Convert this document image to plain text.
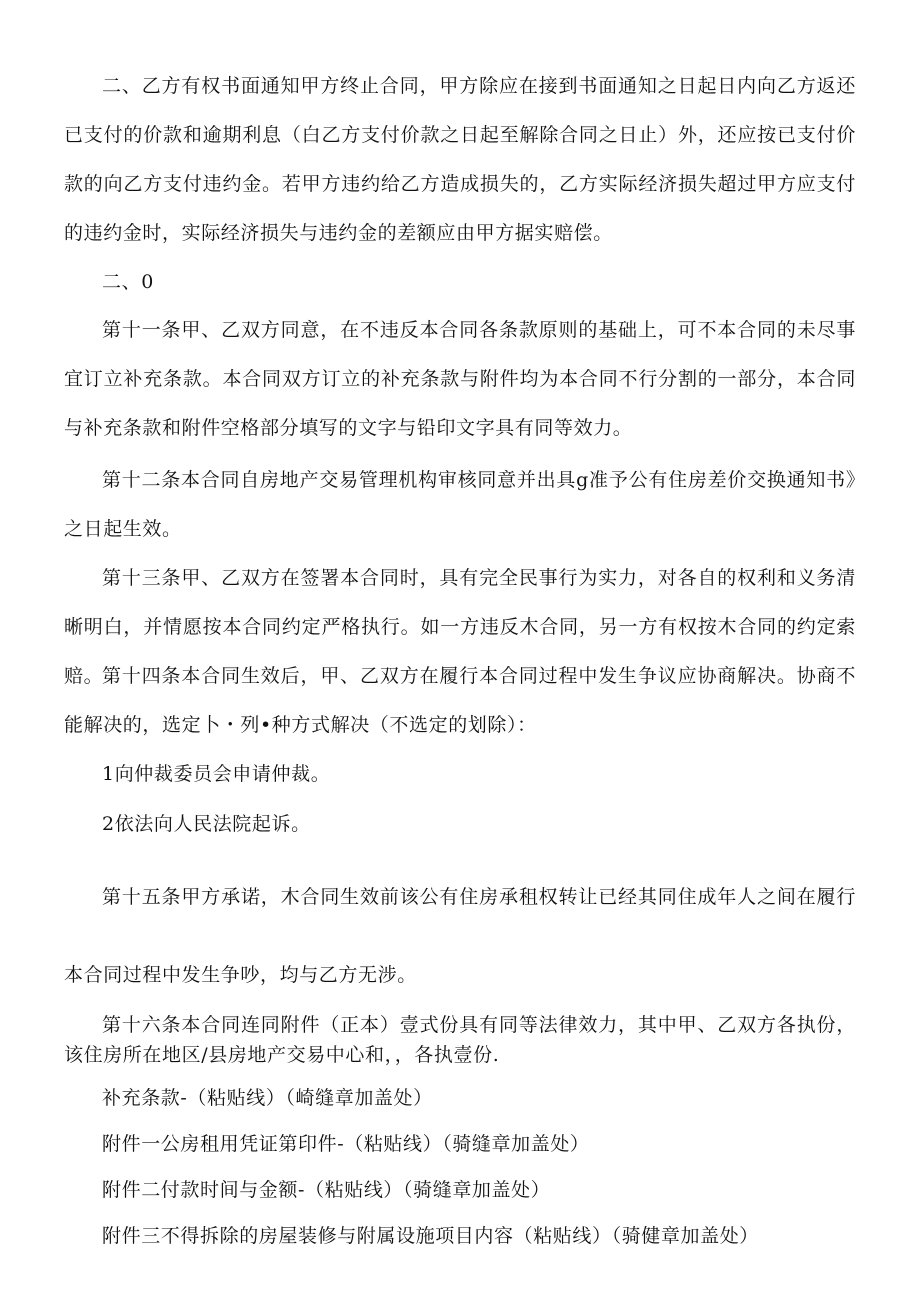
二、乙方有权书面通知甲方终止合同，甲方除应在接到书面通知之日起日内向乙方返还已支付的价款和逾期利息（白乙方支付价款之日起至解除合同之日止）外，还应按已支付价款的向乙方支付违约金。若甲方违约给乙方造成损失的，乙方实际经济损失超过甲方应支付的违约金时，实际经济损失与违约金的差额应由甲方据实赔偿。

二、0

第十一条甲、乙双方同意，在不违反本合同各条款原则的基础上，可不本合同的未尽事宜订立补充条款。本合同双方订立的补充条款与附件均为本合同不行分割的一部分，本合同与补充条款和附件空格部分填写的文字与铅印文字具有同等效力。

第十二条本合同自房地产交易管理机构审核同意并出具g准予公有住房差价交换通知书》之日起生效。

第十三条甲、乙双方在签署本合同时，具有完全民事行为实力，对各自的权利和义务清晰明白，并情愿按本合同约定严格执行。如一方违反木合同，另一方有权按木合同的约定索赔。

第十四条本合同生效后，甲、乙双方在履行本合同过程中发生争议应协商解决。协商不能解决的，选定卜・列•种方式解决（不选定的划除）：

1向仲裁委员会申请仲裁。

2依法向人民法院起诉。

第十五条甲方承诺，木合同生效前该公有住房承租权转让已经其同住成年人之间在履行本合同过程中发生争吵，均与乙方无涉。

第十六条本合同连同附件（正本）壹式份具有同等法律效力，其中甲、乙双方各执份，该住房所在地区/县房地产交易中心和，，各执壹份.

补充条款-（粘贴线）（崎缝章加盖处）

附件一公房租用凭证第印件-（粘贴线）（骑缝章加盖处）

附件二付款时间与金额-（粘贴线）（骑缝章加盖处）

附件三不得拆除的房屋装修与附属设施项目内容（粘贴线）（骑健章加盖处）
